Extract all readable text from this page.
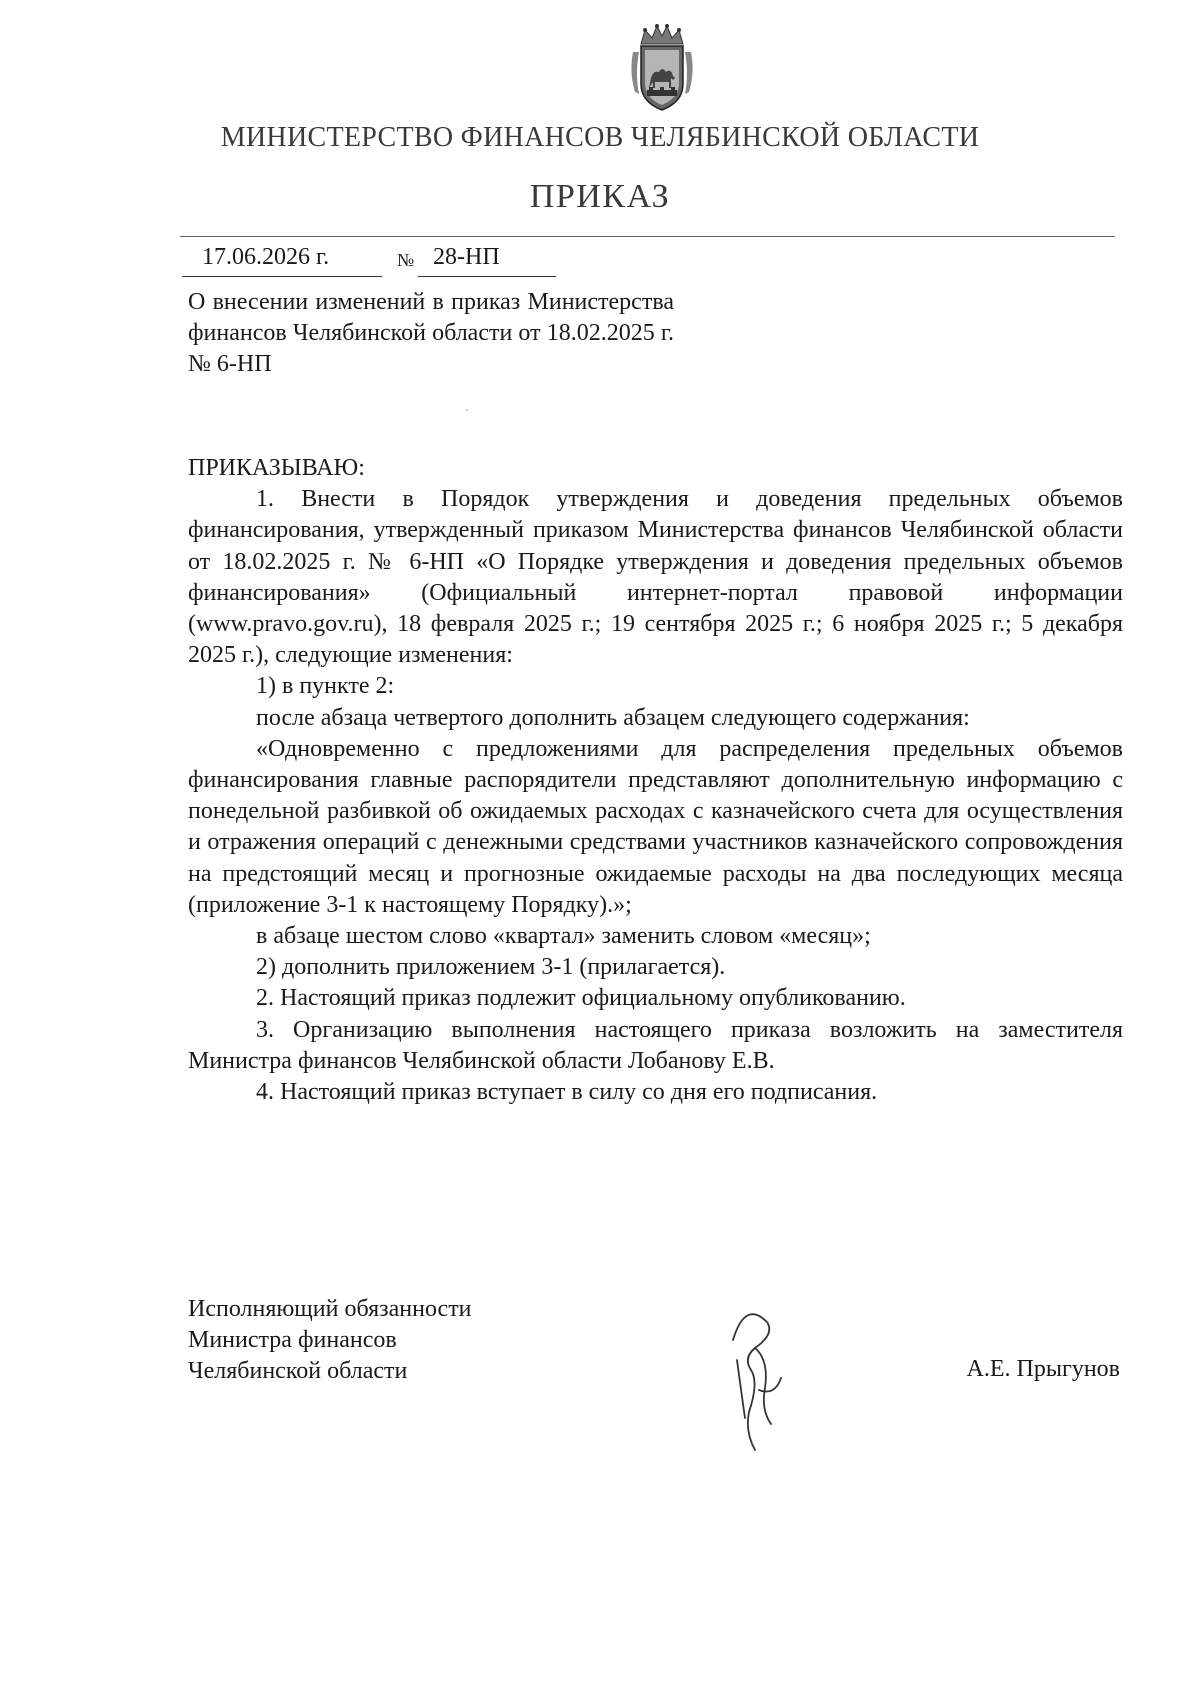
МИНИСТЕРСТВО ФИНАНСОВ ЧЕЛЯБИНСКОЙ ОБЛАСТИ
ПРИКАЗ
17.06.2026 г.	№ 28-НП
О внесении изменений в приказ Министерства финансов Челябинской области от 18.02.2025 г. № 6-НП

ПРИКАЗЫВАЮ:

1. Внести в Порядок утверждения и доведения предельных объемов финансирования, утвержденный приказом Министерства финансов Челябинской области от 18.02.2025 г. № 6-НП «О Порядке утверждения и доведения предельных объемов финансирования» (Официальный интернет-портал правовой информации (www.pravo.gov.ru), 18 февраля 2025 г.; 19 сентября 2025 г.; 6 ноября 2025 г.; 5 декабря 2025 г.), следующие изменения:

1) в пункте 2:

после абзаца четвертого дополнить абзацем следующего содержания:

«Одновременно с предложениями для распределения предельных объемов финансирования главные распорядители представляют дополнительную информацию с понедельной разбивкой об ожидаемых расходах с казначейского счета для осуществления и отражения операций с денежными средствами участников казначейского сопровождения на предстоящий месяц и прогнозные ожидаемые расходы на два последующих месяца (приложение 3-1 к настоящему Порядку).»;

в абзаце шестом слово «квартал» заменить словом «месяц»;

2) дополнить приложением 3-1 (прилагается).

2. Настоящий приказ подлежит официальному опубликованию.

3. Организацию выполнения настоящего приказа возложить на заместителя Министра финансов Челябинской области Лобанову Е.В.

4. Настоящий приказ вступает в силу со дня его подписания.

Исполняющий обязанности
Министра финансов
Челябинской области	А.Е. Прыгунов
